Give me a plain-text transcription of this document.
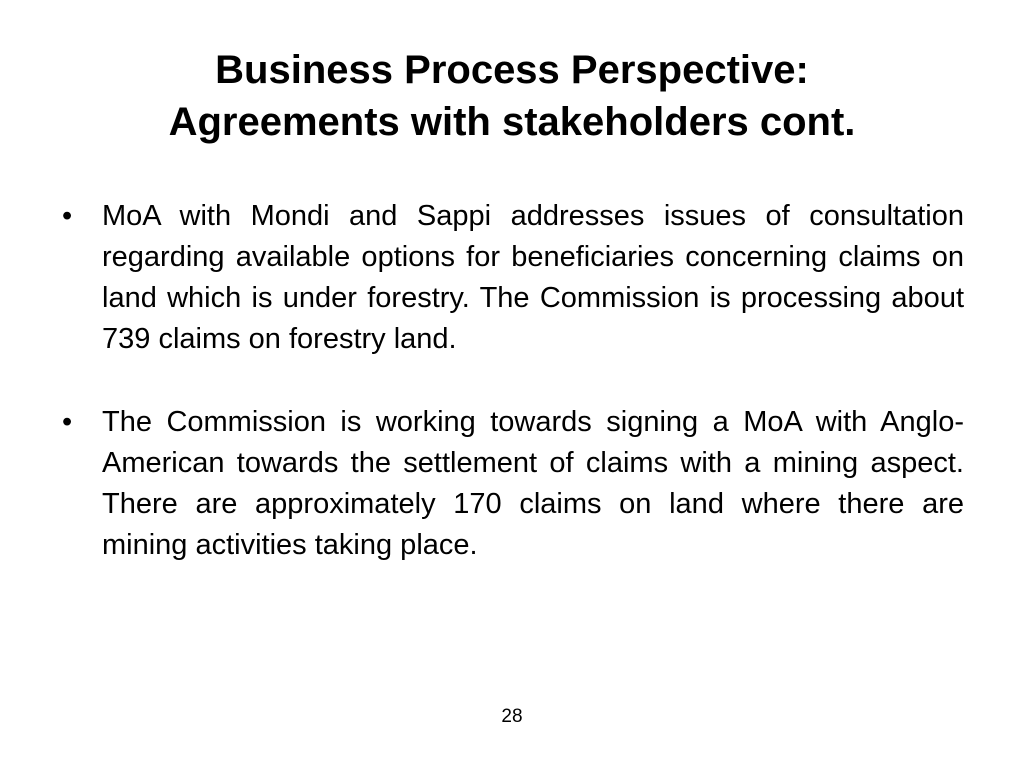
Business Process Perspective:
Agreements with stakeholders cont.
•	MoA with Mondi and Sappi addresses issues of consultation regarding available options for beneficiaries concerning claims on land which is under forestry. The Commission is processing about 739 claims on forestry land.
•	The Commission is working towards signing a MoA with Anglo-American towards the settlement of claims with a mining aspect. There are approximately 170 claims on land where there are mining activities taking place.
28
